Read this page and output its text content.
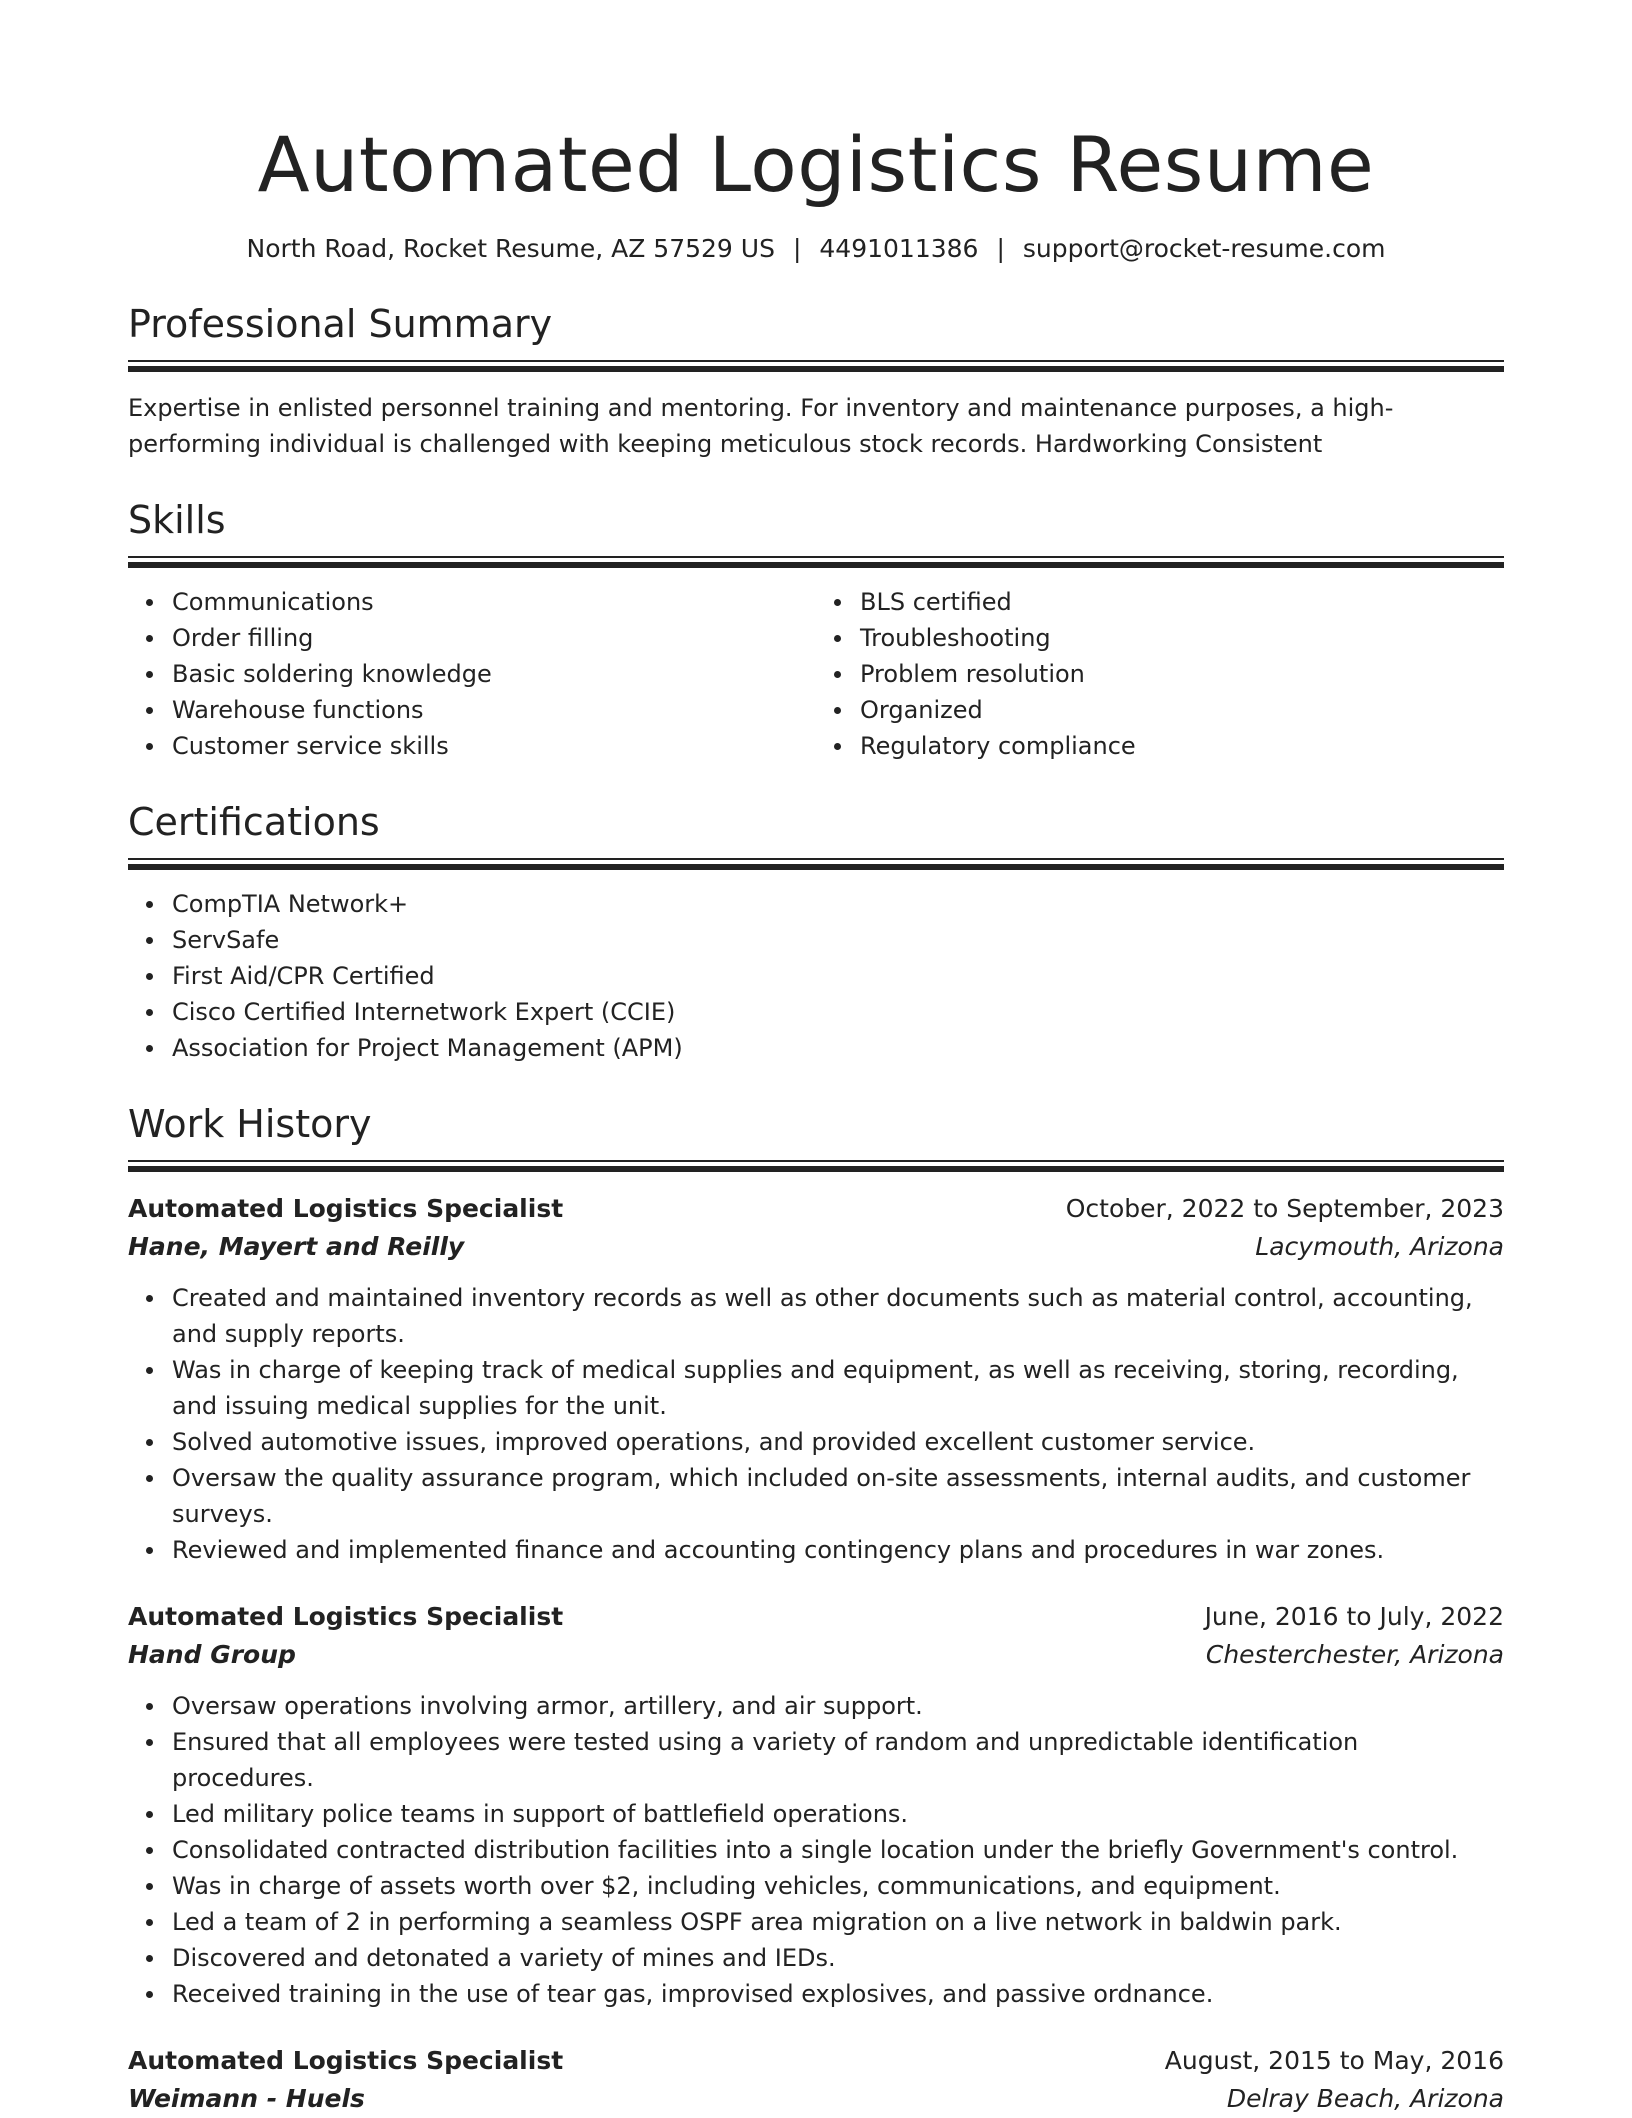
Automated Logistics Resume
North Road, Rocket Resume, AZ 57529 US | 4491011386 | support@rocket-resume.com
Professional Summary

Expertise in enlisted personnel training and mentoring. For inventory and maintenance purposes, a high-performing individual is challenged with keeping meticulous stock records. Hardworking Consistent

Skills
Communications
Order filling
Basic soldering knowledge
Warehouse functions
Customer service skills
BLS certified
Troubleshooting
Problem resolution
Organized
Regulatory compliance
Certifications
CompTIA Network+
ServSafe
First Aid/CPR Certified
Cisco Certified Internetwork Expert (CCIE)
Association for Project Management (APM)
Work History
Automated Logistics Specialist	October, 2022 to September, 2023
Hane, Mayert and Reilly	Lacymouth, Arizona
Created and maintained inventory records as well as other documents such as material control, accounting, and supply reports.
Was in charge of keeping track of medical supplies and equipment, as well as receiving, storing, recording, and issuing medical supplies for the unit.
Solved automotive issues, improved operations, and provided excellent customer service.
Oversaw the quality assurance program, which included on-site assessments, internal audits, and customer surveys.
Reviewed and implemented finance and accounting contingency plans and procedures in war zones.
Automated Logistics Specialist	June, 2016 to July, 2022
Hand Group	Chesterchester, Arizona
Oversaw operations involving armor, artillery, and air support.
Ensured that all employees were tested using a variety of random and unpredictable identification procedures.
Led military police teams in support of battlefield operations.
Consolidated contracted distribution facilities into a single location under the briefly Government's control.
Was in charge of assets worth over $2, including vehicles, communications, and equipment.
Led a team of 2 in performing a seamless OSPF area migration on a live network in baldwin park.
Discovered and detonated a variety of mines and IEDs.
Received training in the use of tear gas, improvised explosives, and passive ordnance.
Automated Logistics Specialist	August, 2015 to May, 2016
Weimann - Huels	Delray Beach, Arizona
